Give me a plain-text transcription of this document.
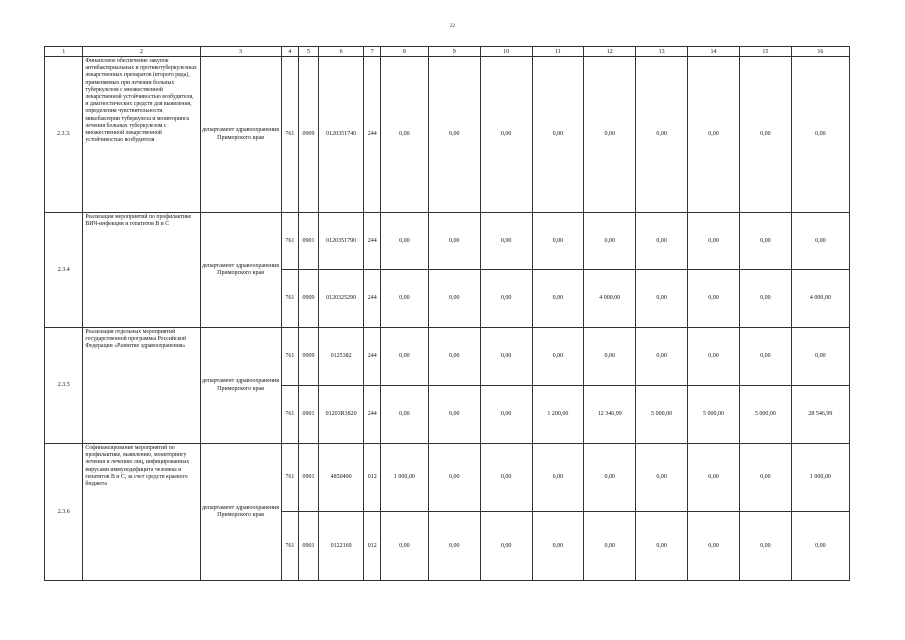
22
1	2	3	4	5	6	7	8	9	10	11	12	13	14	15	16
2.3.3.	Финансовое обеспечение закупок антибактериальных и противотуберкулезных лекарственных препаратов (второго ряда), применяемых при лечении больных туберкулезом с множественной лекарственной устойчивостью возбудителя, и диагностических средств для выявления, определения чувствительности микобактерии туберкулеза и мониторинга лечения больных туберкулезом с множественной лекарственной устойчивостью возбудителя	департамент здравоохранения Приморского края	761	0909	0120351740	244	0,00	0,00	0,00	0,00	0,00	0,00	0,00	0,00	0,00
2.3.4	Реализация мероприятий по профилактике ВИЧ-инфекции и гепатитов В и С	департамент здравоохранения Приморского края	761	0901	0120351790	244	0,00	0,00	0,00	0,00	0,00	0,00	0,00	0,00	0,00
			761	0909	0120325290	244	0,00	0,00	0,00	0,00	4 000,00	0,00	0,00	0,00	4 000,00
2.3.5	Реализация отдельных мероприятий государственной программы Российской Федерации «Развитие здравоохранения»	департамент здравоохранения Приморского края	761	0909	0125382	244	0,00	0,00	0,00	0,00	0,00	0,00	0,00	0,00	0,00
			761	0901	01203R3820	244	0,00	0,00	0,00	1 200,00	12 346,99	5 000,00	5 000,00	5 000,00	28 546,99
2.3.6	Софинансирование мероприятий по профилактике, выявлению, мониторингу лечения и лечению лиц, инфицированных вирусами иммунодефицита человека и гепатитов В и С, за счет средств краевого бюджета	департамент здравоохранения Приморского края	761	0901	4850400	012	1 000,00	0,00	0,00	0,00	0,00	0,00	0,00	0,00	1 000,00
			761	0901	0122169	012	0,00	0,00	0,00	0,00	0,00	0,00	0,00	0,00	0,00
